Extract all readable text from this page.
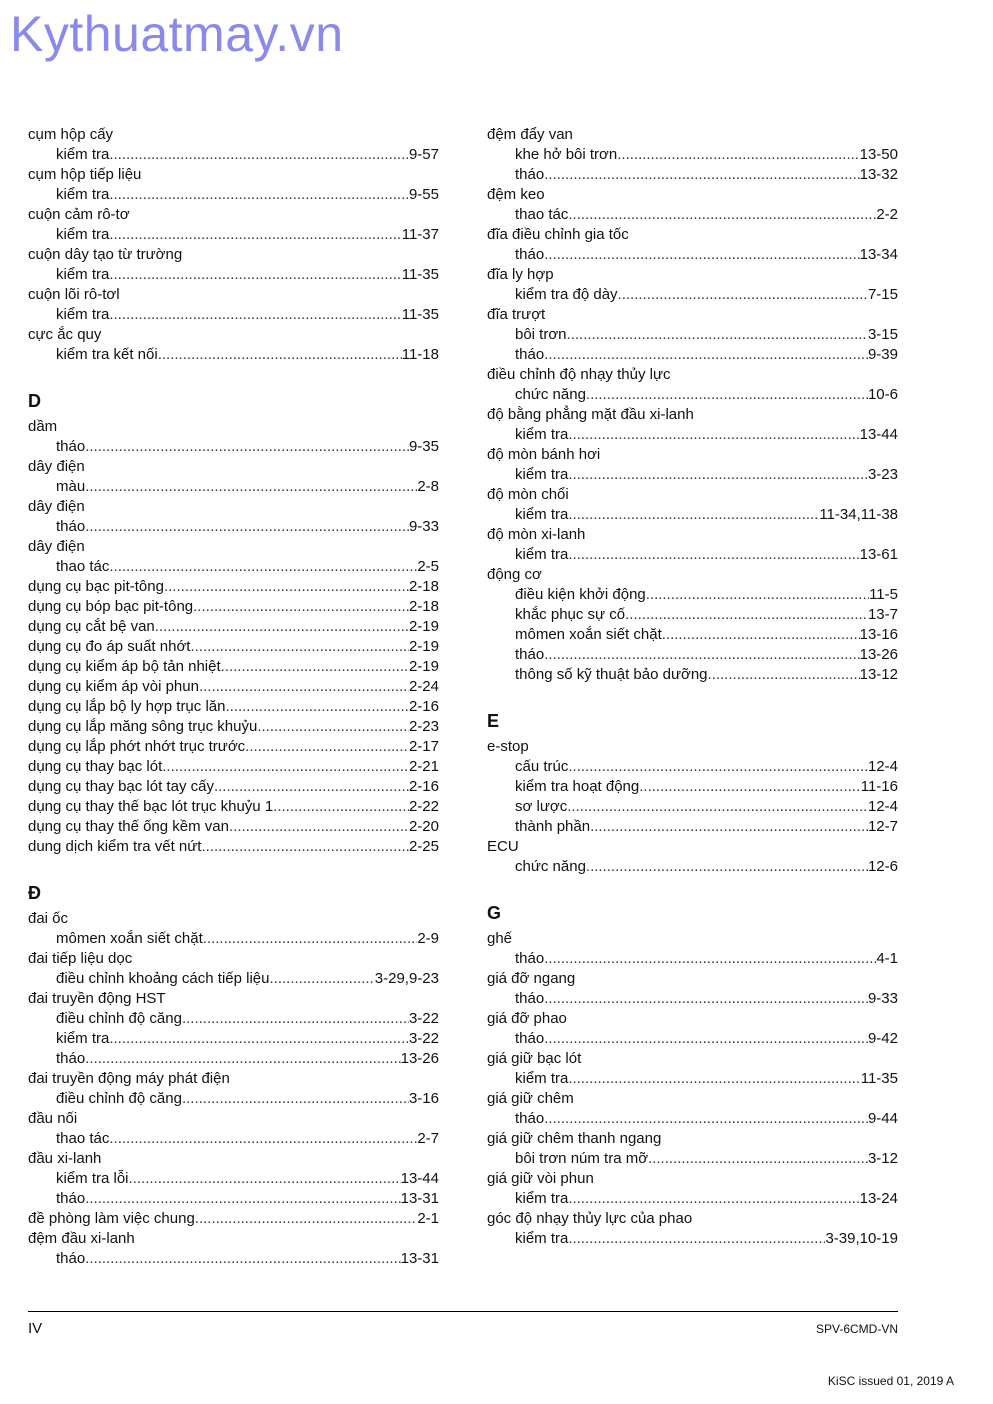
Kythuatmay.vn
cụm hộp cấy
kiểm tra .....	9-57
cụm hộp tiếp liệu
kiểm tra .....	9-55
cuộn cảm rô-tơ
kiểm tra .....	11-37
cuộn dây tạo từ trường
kiểm tra .....	11-35
cuộn lõi rô-tơl
kiểm tra .....	11-35
cực ắc quy
kiểm tra kết nối .....	11-18
D
dầm
tháo .....	9-35
dây điện
màu .....	2-8
dây điện
tháo .....	9-33
dây điện
thao tác .....	2-5
dụng cụ bạc pit-tông .....	2-18
dụng cụ bóp bạc pit-tông .....	2-18
dụng cụ cắt bệ van .....	2-19
dụng cụ đo áp suất nhớt .....	2-19
dụng cụ kiểm áp bộ tản nhiệt .....	2-19
dụng cụ kiểm áp vòi phun .....	2-24
dụng cụ lắp bộ ly hợp trục lăn .....	2-16
dụng cụ lắp măng sông trục khuỷu .....	2-23
dụng cụ lắp phớt nhớt trục trước .....	2-17
dụng cụ thay bạc lót .....	2-21
dụng cụ thay bạc lót tay cấy .....	2-16
dụng cụ thay thế bạc lót trục khuỷu 1 .....	2-22
dụng cụ thay thế ống kềm van .....	2-20
dung dịch kiểm tra vết nứt .....	2-25
Đ
đai ốc
mômen xoắn siết chặt .....	2-9
đai tiếp liệu dọc
điều chỉnh khoảng cách tiếp liệu .....	3-29,9-23
đai truyền động HST
điều chỉnh độ căng .....	3-22
kiểm tra .....	3-22
tháo .....	13-26
đai truyền động máy phát điện
điều chỉnh độ căng .....	3-16
đầu nối
thao tác .....	2-7
đầu xi-lanh
kiểm tra lỗi .....	13-44
tháo .....	13-31
đề phòng làm việc chung .....	2-1
đệm đầu xi-lanh
tháo .....	13-31
đệm đẩy van
khe hở bôi trơn .....	13-50
tháo .....	13-32
đệm keo
thao tác .....	2-2
đĩa điều chỉnh gia tốc
tháo .....	13-34
đĩa ly hợp
kiểm tra độ dày .....	7-15
đĩa trượt
bôi trơn .....	3-15
tháo .....	9-39
điều chỉnh độ nhạy thủy lực
chức năng .....	10-6
độ bằng phẳng mặt đầu xi-lanh
kiểm tra .....	13-44
độ mòn bánh hơi
kiểm tra .....	3-23
độ mòn chổi
kiểm tra .....	11-34,11-38
độ mòn xi-lanh
kiểm tra .....	13-61
động cơ
điều kiện khởi động .....	11-5
khắc phục sự cố .....	13-7
mômen xoắn siết chặt .....	13-16
tháo .....	13-26
thông số kỹ thuật bảo dưỡng .....	13-12
E
e-stop
cấu trúc .....	12-4
kiểm tra hoạt động .....	11-16
sơ lược .....	12-4
thành phần .....	12-7
ECU
chức năng .....	12-6
G
ghế
tháo .....	4-1
giá đỡ ngang
tháo .....	9-33
giá đỡ phao
tháo .....	9-42
giá giữ bạc lót
kiểm tra .....	11-35
giá giữ chêm
tháo .....	9-44
giá giữ chêm thanh ngang
bôi trơn núm tra mỡ .....	3-12
giá giữ vòi phun
kiểm tra .....	13-24
góc độ nhạy thủy lực của phao
kiểm tra .....	3-39,10-19
IV	SPV-6CMD-VN
KiSC issued 01, 2019 A
